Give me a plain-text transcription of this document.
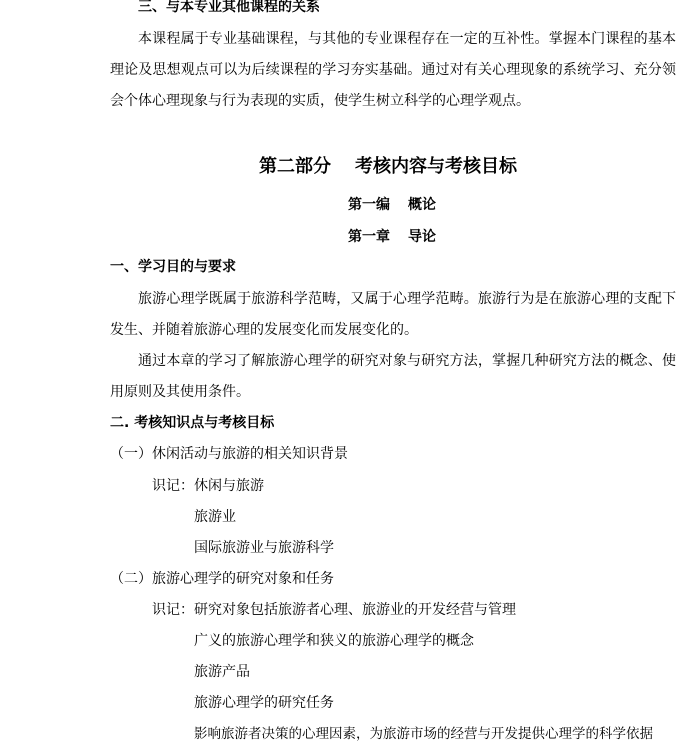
三、与本专业其他课程的关系
本课程属于专业基础课程，与其他的专业课程存在一定的互补性。掌握本门课程的基本理论及思想观点可以为后续课程的学习夯实基础。通过对有关心理现象的系统学习、充分领会个体心理现象与行为表现的实质，使学生树立科学的心理学观点。
第二部分 考核内容与考核目标
第一编 概论
第一章 导论
一、学习目的与要求
旅游心理学既属于旅游科学范畴，又属于心理学范畴。旅游行为是在旅游心理的支配下发生、并随着旅游心理的发展变化而发展变化的。
通过本章的学习了解旅游心理学的研究对象与研究方法，掌握几种研究方法的概念、使用原则及其使用条件。
二. 考核知识点与考核目标
（一）休闲活动与旅游的相关知识背景
识记： 休闲与旅游
旅游业
国际旅游业与旅游科学
（二）旅游心理学的研究对象和任务
识记： 研究对象包括旅游者心理、旅游业的开发经营与管理
广义的旅游心理学和狭义的旅游心理学的概念
旅游产品
旅游心理学的研究任务
影响旅游者决策的心理因素，为旅游市场的经营与开发提供心理学的科学依据
